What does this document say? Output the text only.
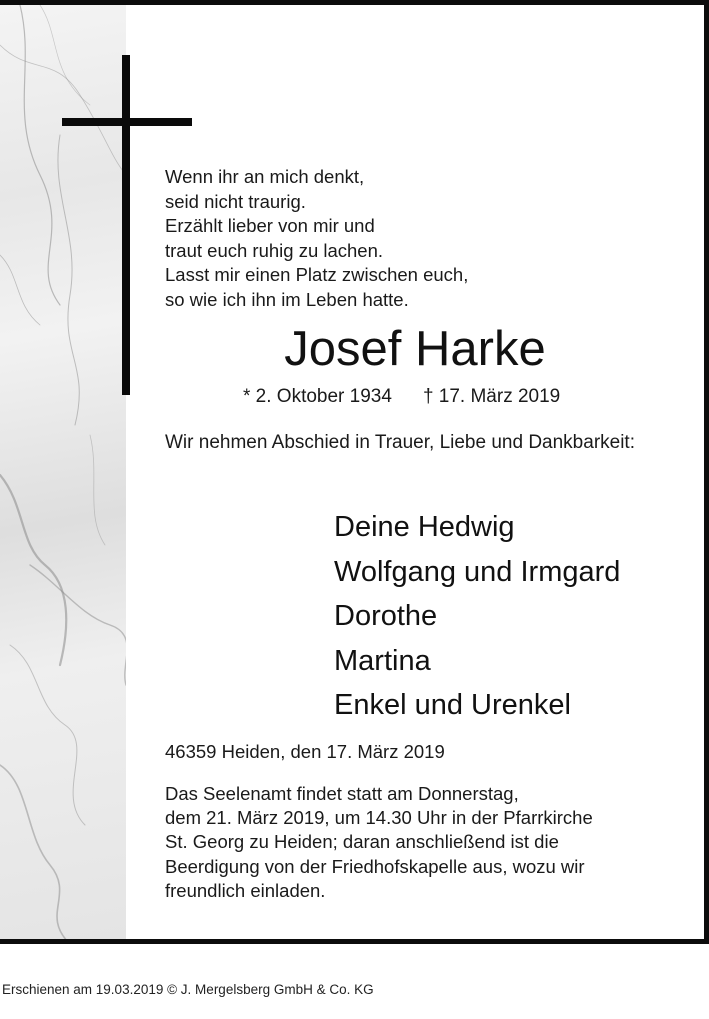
Wenn ihr an mich denkt,
seid nicht traurig.
Erzählt lieber von mir und
traut euch ruhig zu lachen.
Lasst mir einen Platz zwischen euch,
so wie ich ihn im Leben hatte.
Josef Harke
* 2. Oktober 1934 † 17. März 2019
Wir nehmen Abschied in Trauer, Liebe und Dankbarkeit:
Deine Hedwig
Wolfgang und Irmgard
Dorothe
Martina
Enkel und Urenkel
46359 Heiden, den 17. März 2019
Das Seelenamt findet statt am Donnerstag,
dem 21. März 2019, um 14.30 Uhr in der Pfarrkirche
St. Georg zu Heiden; daran anschließend ist die
Beerdigung von der Friedhofskapelle aus, wozu wir
freundlich einladen.
Erschienen am 19.03.2019 © J. Mergelsberg GmbH & Co. KG
